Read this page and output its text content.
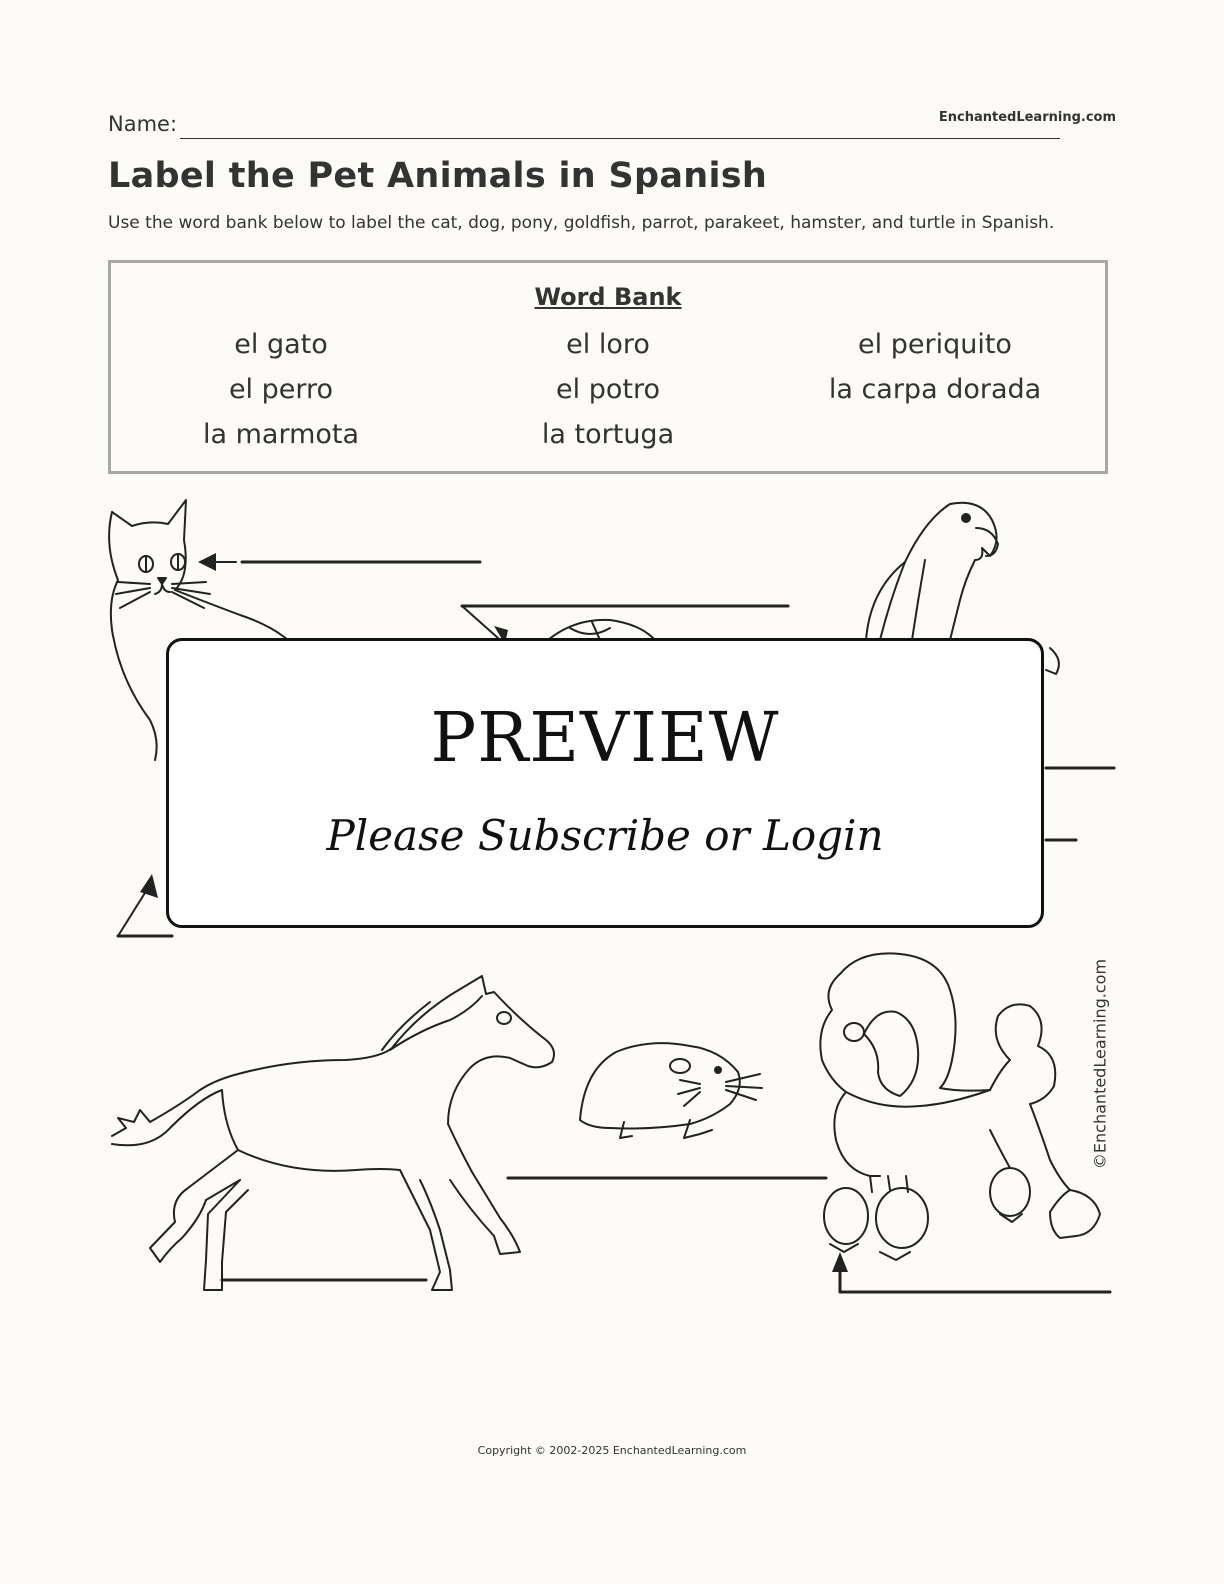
Name:	EnchantedLearning.com
Label the Pet Animals in Spanish
Use the word bank below to label the cat, dog, pony, goldfish, parrot, parakeet, hamster, and turtle in Spanish.
Word Bank
el gato
el perro
la marmota
el loro
el potro
la tortuga
el periquito
la carpa dorada
PREVIEW
Please Subscribe or Login
©EnchantedLearning.com
Copyright © 2002-2025 EnchantedLearning.com
